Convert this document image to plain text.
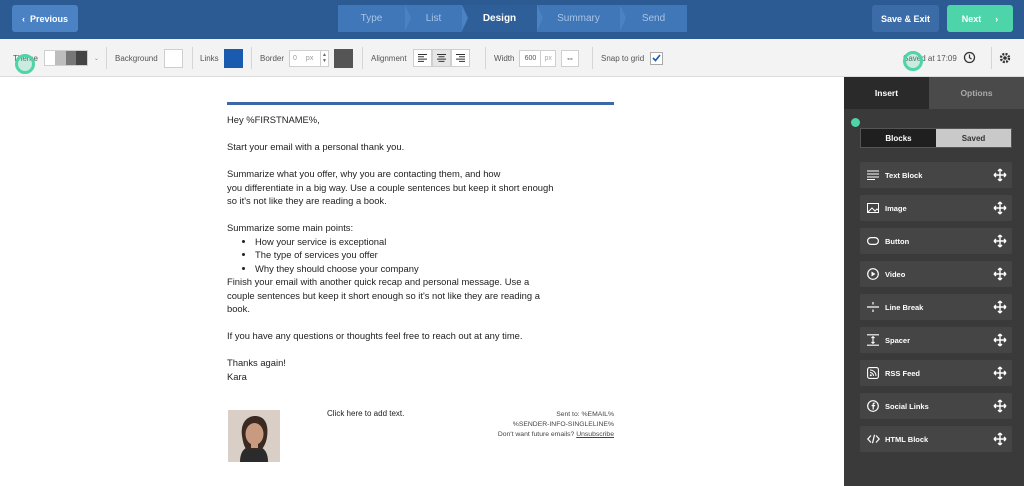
‹ Previous	Type	List	Design	Summary	Send	Save & Exit	Next ›
Theme	⌄ Background	Links	Border 0 px ▲
▼	Alignment	Width	600	px	⇔	Snap to grid	Saved at 17:09

Hey %FIRSTNAME%,

Start your email with a personal thank you.

Summarize what you offer, why you are contacting them, and how

you differentiate in a big way. Use a couple sentences but keep it short enough

so it's not like they are reading a book.

Summarize some main points:

• How your service is exceptional
• The type of services you offer
• Why they should choose your company

Finish your email with another quick recap and personal message. Use a

couple sentences but keep it short enough so it's not like they are reading a

book.

If you have any questions or thoughts feel free to reach out at any time.

Thanks again!

Kara

Click here to add text.	Sent to: %EMAIL%
%SENDER-INFO-SINGLELINE%
Don't want future emails? Unsubscribe
Insert	Options
Blocks	Saved
Text Block
Image
Button
Video
Line Break
Spacer
RSS Feed
Social Links
HTML Block
